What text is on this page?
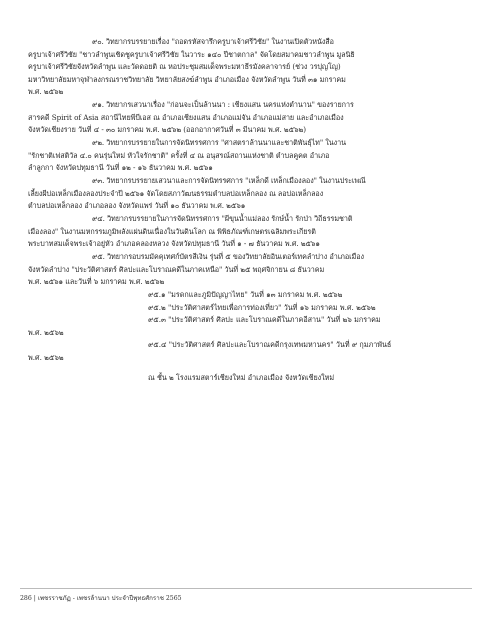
๙๐. วิทยากรบรรยายเรื่อง "ถอดรหัสจารึกครูบาเจ้าศรีวิชัย" ในงานเปิดตัวหนังสือ
ครูบาเจ้าศรีวิชัย "ชาวลำพูนเชิดชูครูบาเจ้าศรีวิชัย ในวาระ ๑๔๐ ปีชาตกาล" จัดโดยสมาคมชาวลำพูน มูลนิธิ
ครูบาเจ้าศรีวิชัยจังหวัดลำพูน และวัดดอยติ ณ หอประชุมสมเด็จพระมหาธีรมังคลาจารย์ (ช่วง วรปุญโญ)
มหาวิทยาลัยมหาจุฬาลงกรณราชวิทยาลัย วิทยาลัยสงฆ์ลำพูน อำเภอเมือง จังหวัดลำพูน วันที่ ๓๑ มกราคม
พ.ศ. ๒๕๖๒
๙๑. วิทยากรเสวนาเรื่อง "ก่อนจะเป็นล้านนา : เชียงแสน นครแห่งตำนาน" ของรายการ
สารคดี Spirit of Asia สถานีไทยพีบีเอส ณ อำเภอเชียงแสน อำเภอแม่จัน อำเภอแม่สาย และอำเภอเมือง
จังหวัดเชียงราย วันที่ ๔ - ๓๐ มกราคม พ.ศ. ๒๕๖๒ (ออกอากาศวันที่ ๓ มีนาคม พ.ศ. ๒๕๖๒)
๙๒. วิทยากรบรรยายในการจัดนิทรรศการ "ศาสตราล้านนาและชาติพันธุ์ไท" ในงาน
"รักชาติเฟสติวัล ๔.๐ คนรุ่นใหม่ หัวใจรักชาติ" ครั้งที่ ๔ ณ อนุสรณ์สถานแห่งชาติ ตำบลคูคต อำเภอ
ลำลูกกา จังหวัดปทุมธานี วันที่ ๑๒ - ๑๖ ธันวาคม พ.ศ. ๒๕๖๑
๙๓. วิทยากรบรรยายเสวนาและการจัดนิทรรศการ "เหล็กดี เหล็กเมืองลอง" ในงานประเพณี
เลี้ยงผีบ่อเหล็กเมืองลองประจำปี ๒๕๖๑ จัดโดยสภาวัฒนธรรมตำบลบ่อเหล็กลอง ณ ลอบ่อเหล็กลอง
ตำบลบ่อเหล็กลอง อำเภอลอง จังหวัดแพร่ วันที่ ๑๐ ธันวาคม พ.ศ. ๒๕๖๑
๙๔. วิทยากรบรรยายในการจัดนิทรรศการ "ผีขุนน้ำแม่ลอง รักษ์น้ำ รักป่า วิถีธรรมชาติ
เมืองลอง" ในงานมหกรรมภูมิพลังแผ่นดินเนื่องในวันดินโลก ณ พิพิธภัณฑ์เกษตรเฉลิมพระเกียรติ
พระบาทสมเด็จพระเจ้าอยู่หัว อำเภอคลองหลวง จังหวัดปทุมธานี วันที่ ๑ - ๗ ธันวาคม พ.ศ. ๒๕๖๑
๙๕. วิทยากรอบรมมัคคุเทศก์บัตรสีเงิน รุ่นที่ ๕ ของวิทยาลัยอินเตอร์เทคลำปาง อำเภอเมือง
จังหวัดลำปาง "ประวัติศาสตร์ ศิลปะและโบราณคดีในภาคเหนือ" วันที่ ๒๕ พฤศจิกายน ๘ ธันวาคม
พ.ศ. ๒๕๖๑ และวันที่ ๖ มกราคม พ.ศ. ๒๕๖๒
๙๕.๑ "มรดกและภูมิปัญญาไทย" วันที่ ๑๓ มกราคม พ.ศ. ๒๕๖๒
๙๕.๒ "ประวัติศาสตร์ไทยเพื่อการท่องเที่ยว" วันที่ ๑๖ มกราคม พ.ศ. ๒๕๖๒
๙๕.๓ "ประวัติศาสตร์ ศิลปะ และโบราณคดีในภาคอีสาน" วันที่ ๒๖ มกราคม
พ.ศ. ๒๕๖๒
๙๕.๔ "ประวัติศาสตร์ ศิลปะและโบราณคดีกรุงเทพมหานคร" วันที่ ๙ กุมภาพันธ์
พ.ศ. ๒๕๖๒
ณ ชั้น ๒ โรงแรมสตาร์เชียงใหม่ อำเภอเมือง จังหวัดเชียงใหม่
286 | เพชรราชภัฏ - เพชรล้านนา ประจำปีพุทธศักราช 2565
